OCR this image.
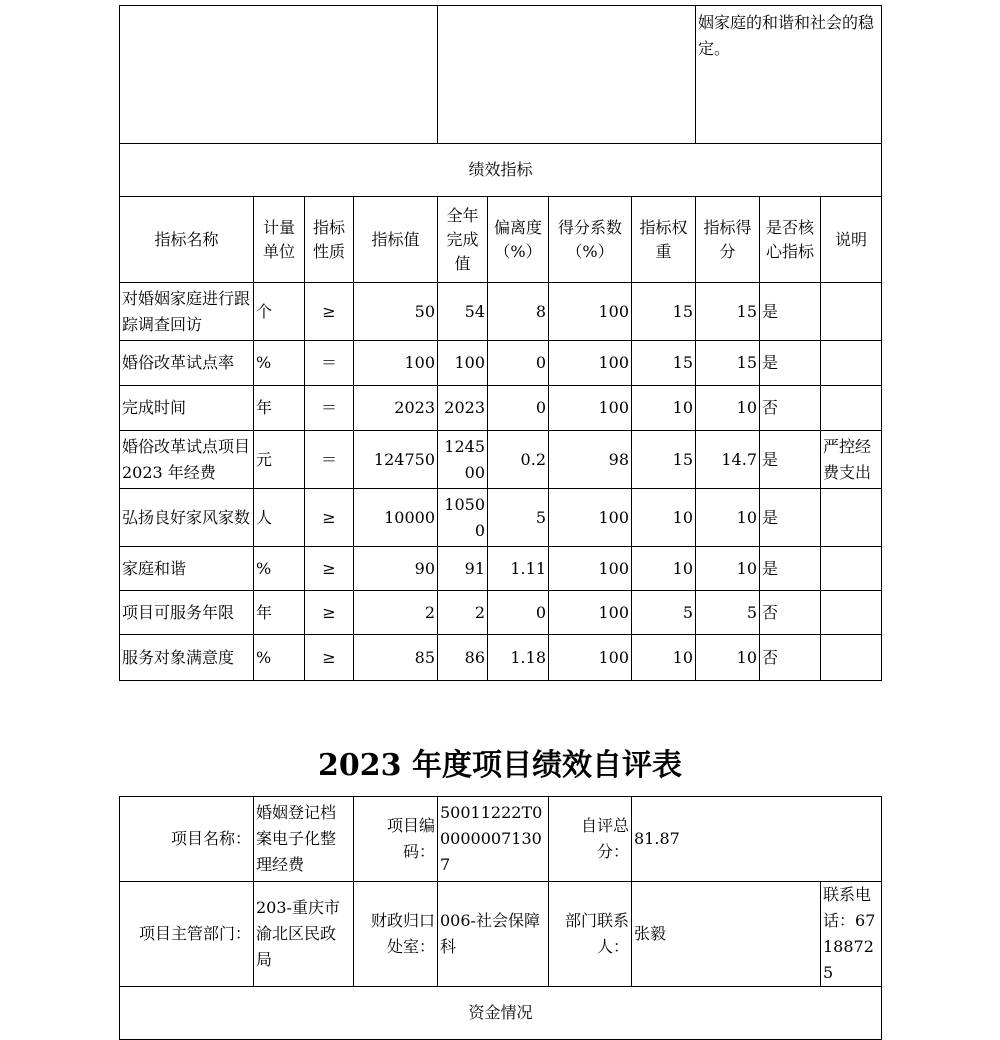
		姻家庭的和谐和社会的稳定。
绩效指标
指标名称	计量单位	指标性质	指标值	全年完成值	偏离度（%）	得分系数（%）	指标权重	指标得分	是否核心指标	说明
对婚姻家庭进行跟踪调查回访	个	≥	50	54	8	100	15	15	是	
婚俗改革试点率	%	＝	100	100	0	100	15	15	是	
完成时间	年	＝	2023	2023	0	100	10	10	否	
婚俗改革试点项目 2023 年经费	元	＝	124750	124500	0.2	98	15	14.7	是	严控经费支出
弘扬良好家风家数	人	≥	10000	10500	5	100	10	10	是	
家庭和谐	%	≥	90	91	1.11	100	10	10	是	
项目可服务年限	年	≥	2	2	0	100	5	5	否	
服务对象满意度	%	≥	85	86	1.18	100	10	10	否	
2023 年度项目绩效自评表
项目名称：	婚姻登记档案电子化整理经费	项目编码：	50011222T000000071307	自评总分：	81.87	
项目主管部门：	203-重庆市渝北区民政局	财政归口处室：	006-社会保障科	部门联系人：	张毅	联系电话：67188725
资金情况						
